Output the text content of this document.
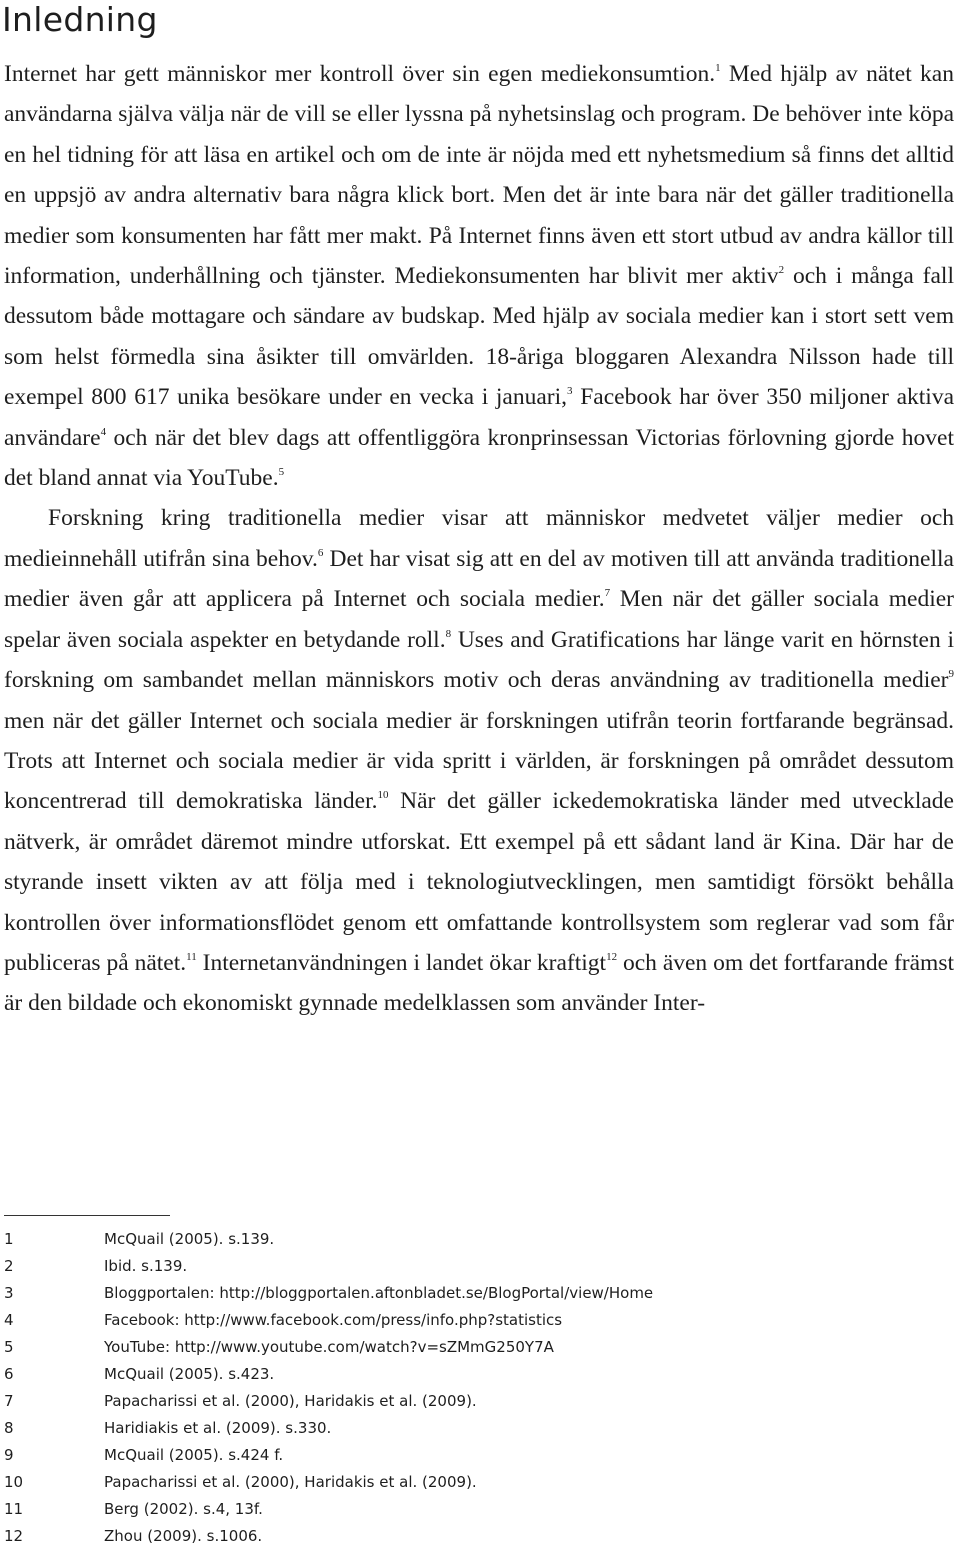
Inledning

Internet har gett människor mer kontroll över sin egen mediekonsumtion.$^1$ Med hjälp av nätet kan användarna själva välja när de vill se eller lyssna på nyhetsinslag och program. De behöver inte köpa en hel tidning för att läsa en artikel och om de inte är nöjda med ett nyhetsmedium så finns det alltid en uppsjö av andra alternativ bara några klick bort. Men det är inte bara när det gäller traditionella medier som konsumenten har fått mer makt. På Internet finns även ett stort utbud av andra källor till information, underhållning och tjänster. Mediekonsumenten har blivit mer aktiv$^2$ och i många fall dessutom både mottagare och sändare av budskap. Med hjälp av sociala medier kan i stort sett vem som helst förmedla sina åsikter till omvärlden. 18-åriga bloggaren Alexandra Nilsson hade till exempel 800 617 unika besökare under en vecka i januari,$^3$ Facebook har över 350 miljoner aktiva användare$^4$ och när det blev dags att offentliggöra kronprinsessan Victorias förlovning gjorde hovet det bland annat via YouTube.$^5$

Forskning kring traditionella medier visar att människor medvetet väljer medier och medieinnehåll utifrån sina behov.$^6$ Det har visat sig att en del av motiven till att använda traditionella medier även går att applicera på Internet och sociala medier.$^7$ Men när det gäller sociala medier spelar även sociala aspekter en betydande roll.$^8$ Uses and Gratifications har länge varit en hörnsten i forskning om sambandet mellan människors motiv och deras användning av traditionella medier$^9$ men när det gäller Internet och sociala medier är forskningen utifrån teorin fortfarande begränsad. Trots att Internet och sociala medier är vida spritt i världen, är forskningen på området dessutom koncentrerad till demokratiska länder.$^{10}$ När det gäller ickedemokratiska länder med utvecklade nätverk, är området däremot mindre utforskat. Ett exempel på ett sådant land är Kina. Där har de styrande insett vikten av att följa med i teknologiutvecklingen, men samtidigt försökt behålla kontrollen över informationsflödet genom ett omfattande kontrollsystem som reglerar vad som får publiceras på nätet.$^{11}$ Internetanvändningen i landet ökar kraftigt$^{12}$ och även om det fortfarande främst är den bildade och ekonomiskt gynnade medelklassen som använder Inter-

1	McQuail (2005). s.139.
2	Ibid. s.139.
3	Bloggportalen: http://bloggportalen.aftonbladet.se/BlogPortal/view/Home
4	Facebook: http://www.facebook.com/press/info.php?statistics
5	YouTube: http://www.youtube.com/watch?v=sZMmG250Y7A
6	McQuail (2005). s.423.
7	Papacharissi et al. (2000), Haridakis et al. (2009).
8	Haridiakis et al. (2009). s.330.
9	McQuail (2005). s.424 f.
10	Papacharissi et al. (2000), Haridakis et al. (2009).
11	Berg (2002). s.4, 13f.
12	Zhou (2009). s.1006.
